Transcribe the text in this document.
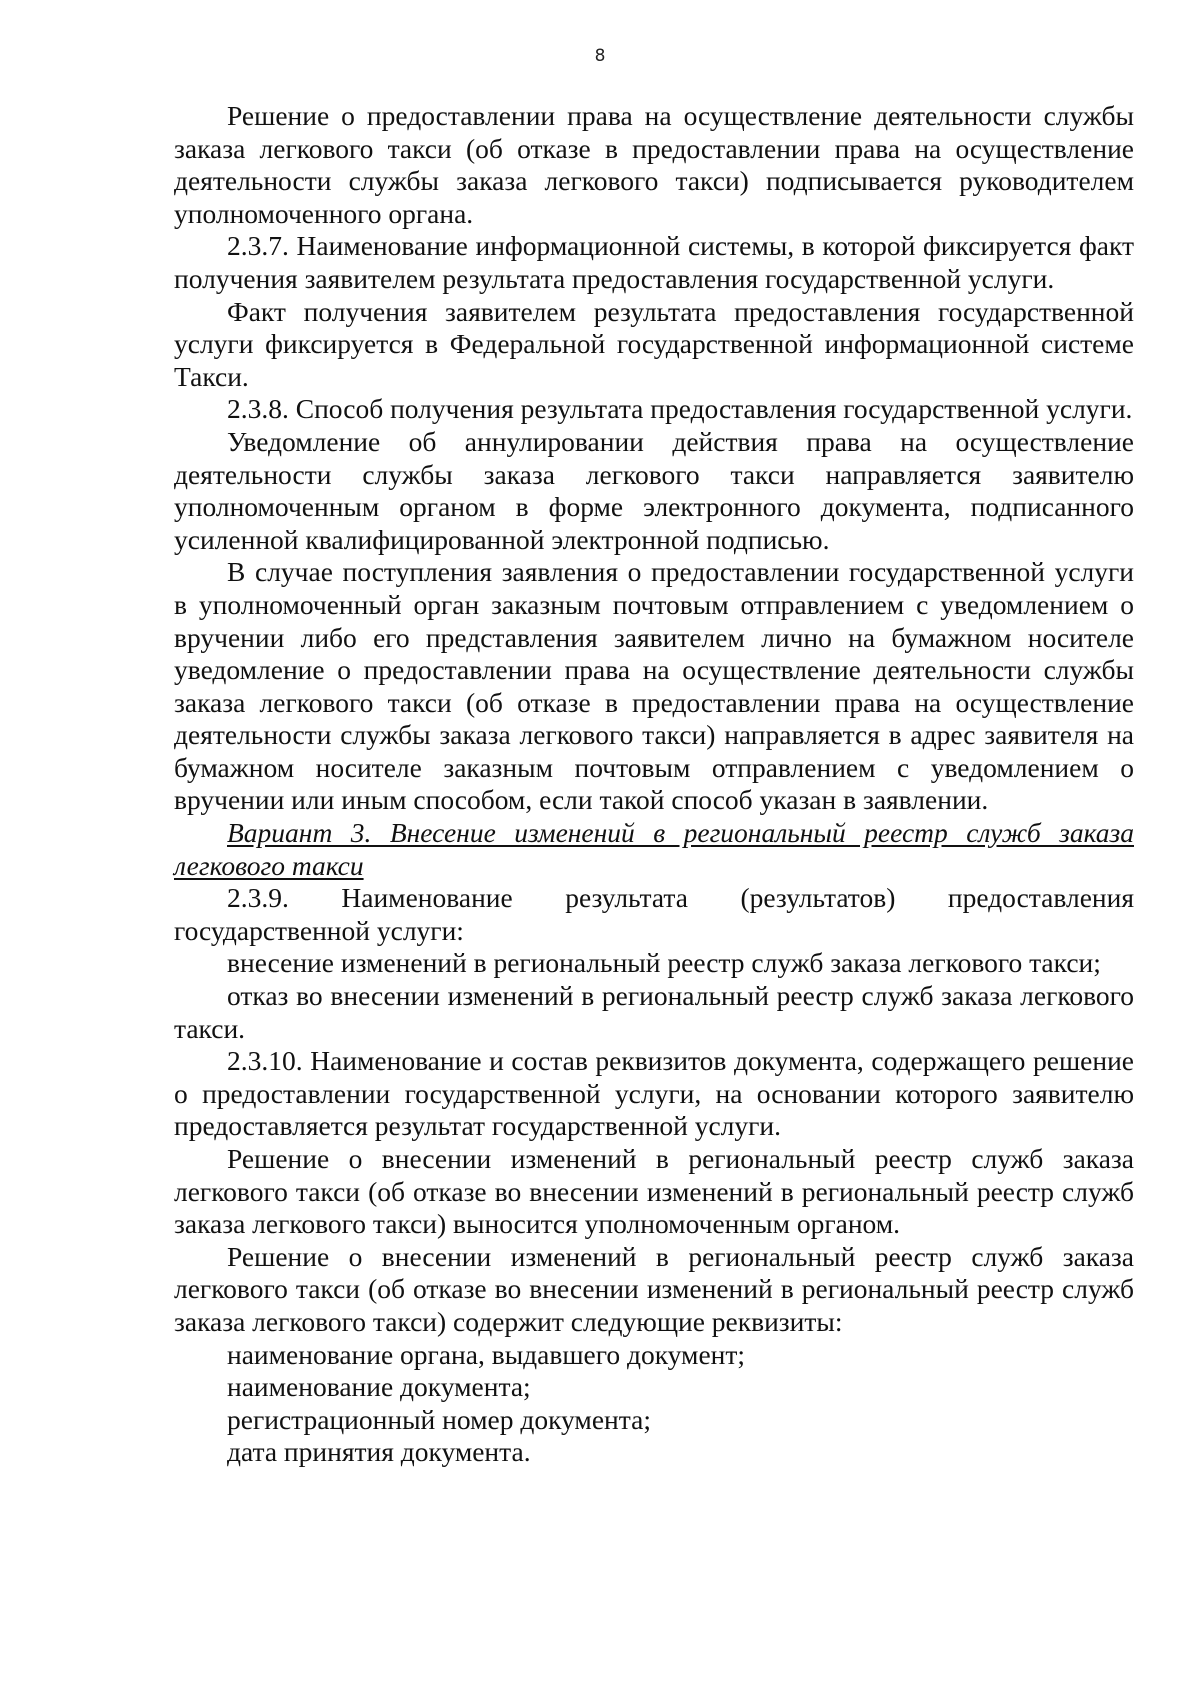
8

Решение о предоставлении права на осуществление деятельности службы заказа легкового такси (об отказе в предоставлении права на осуществление деятельности службы заказа легкового такси) подписывается руководителем уполномоченного органа.

2.3.7. Наименование информационной системы, в которой фиксируется факт получения заявителем результата предоставления государственной услуги.

Факт получения заявителем результата предоставления государственной услуги фиксируется в Федеральной государственной информационной системе Такси.

2.3.8. Способ получения результата предоставления государственной услуги.

Уведомление об аннулировании действия права на осуществление деятельности службы заказа легкового такси направляется заявителю уполномоченным органом в форме электронного документа, подписанного усиленной квалифицированной электронной подписью.

В случае поступления заявления о предоставлении государственной услуги в уполномоченный орган заказным почтовым отправлением с уведомлением о вручении либо его представления заявителем лично на бумажном носителе уведомление о предоставлении права на осуществление деятельности службы заказа легкового такси (об отказе в предоставлении права на осуществление деятельности службы заказа легкового такси) направляется в адрес заявителя на бумажном носителе заказным почтовым отправлением с уведомлением о вручении или иным способом, если такой способ указан в заявлении.

Вариант 3. Внесение изменений в региональный реестр служб заказа легкового такси

2.3.9. Наименование результата (результатов) предоставления государственной услуги:

внесение изменений в региональный реестр служб заказа легкового такси;

отказ во внесении изменений в региональный реестр служб заказа легкового такси.

2.3.10. Наименование и состав реквизитов документа, содержащего решение о предоставлении государственной услуги, на основании которого заявителю предоставляется результат государственной услуги.

Решение о внесении изменений в региональный реестр служб заказа легкового такси (об отказе во внесении изменений в региональный реестр служб заказа легкового такси) выносится уполномоченным органом.

Решение о внесении изменений в региональный реестр служб заказа легкового такси (об отказе во внесении изменений в региональный реестр служб заказа легкового такси) содержит следующие реквизиты:

наименование органа, выдавшего документ;

наименование документа;

регистрационный номер документа;

дата принятия документа.
